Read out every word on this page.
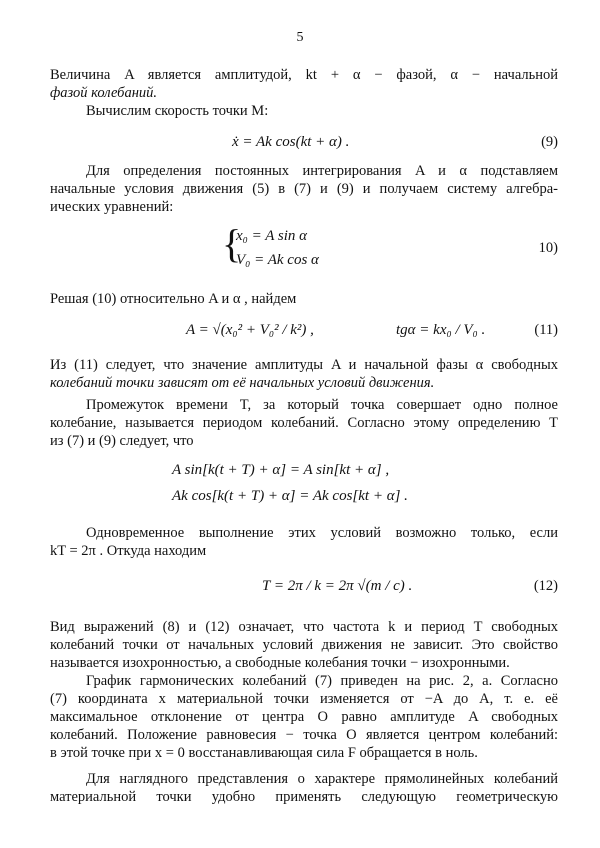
5
Величина A является амплитудой, kt + α − фазой, α − начальной
фазой колебаний.
Вычислим скорость точки M:
ẋ = Ak cos(kt + α) .	(9)
Для определения постоянных интегрирования A и α подставляем
начальные условия движения (5) в (7) и (9) и получаем систему алгебра-
ических уравнений:
{
x₀ = A sin α
V₀ = Ak cos α
10)
Решая (10) относительно A и α , найдем
A = √(x₀² + V₀² / k²) ,	tgα = kx₀ / V₀ .	(11)
Из (11) следует, что значение амплитуды A и начальной фазы α свободных
колебаний точки зависят от её начальных условий движения.
Промежуток времени T, за который точка совершает одно полное
колебание, называется периодом колебаний. Согласно этому определению T
из (7) и (9) следует, что
A sin[k(t + T) + α] = A sin[kt + α] ,
Ak cos[k(t + T) + α] = Ak cos[kt + α] .
Одновременное выполнение этих условий возможно только, если
kT = 2π . Откуда находим
T = 2π / k = 2π √(m / c) .	(12)
Вид выражений (8) и (12) означает, что частота k и период T свободных
колебаний точки от начальных условий движения не зависит. Это свойство
называется изохронностью, а свободные колебания точки − изохронными.
График гармонических колебаний (7) приведен на рис. 2, а. Согласно
(7) координата x материальной точки изменяется от −A до A, т. е. её
максимальное отклонение от центра O равно амплитуде A свободных
колебаний. Положение равновесия − точка O является центром колебаний:
в этой точке при x = 0 восстанавливающая сила F обращается в ноль.
Для наглядного представления о характере прямолинейных колебаний
материальной точки удобно применять следующую геометрическую
